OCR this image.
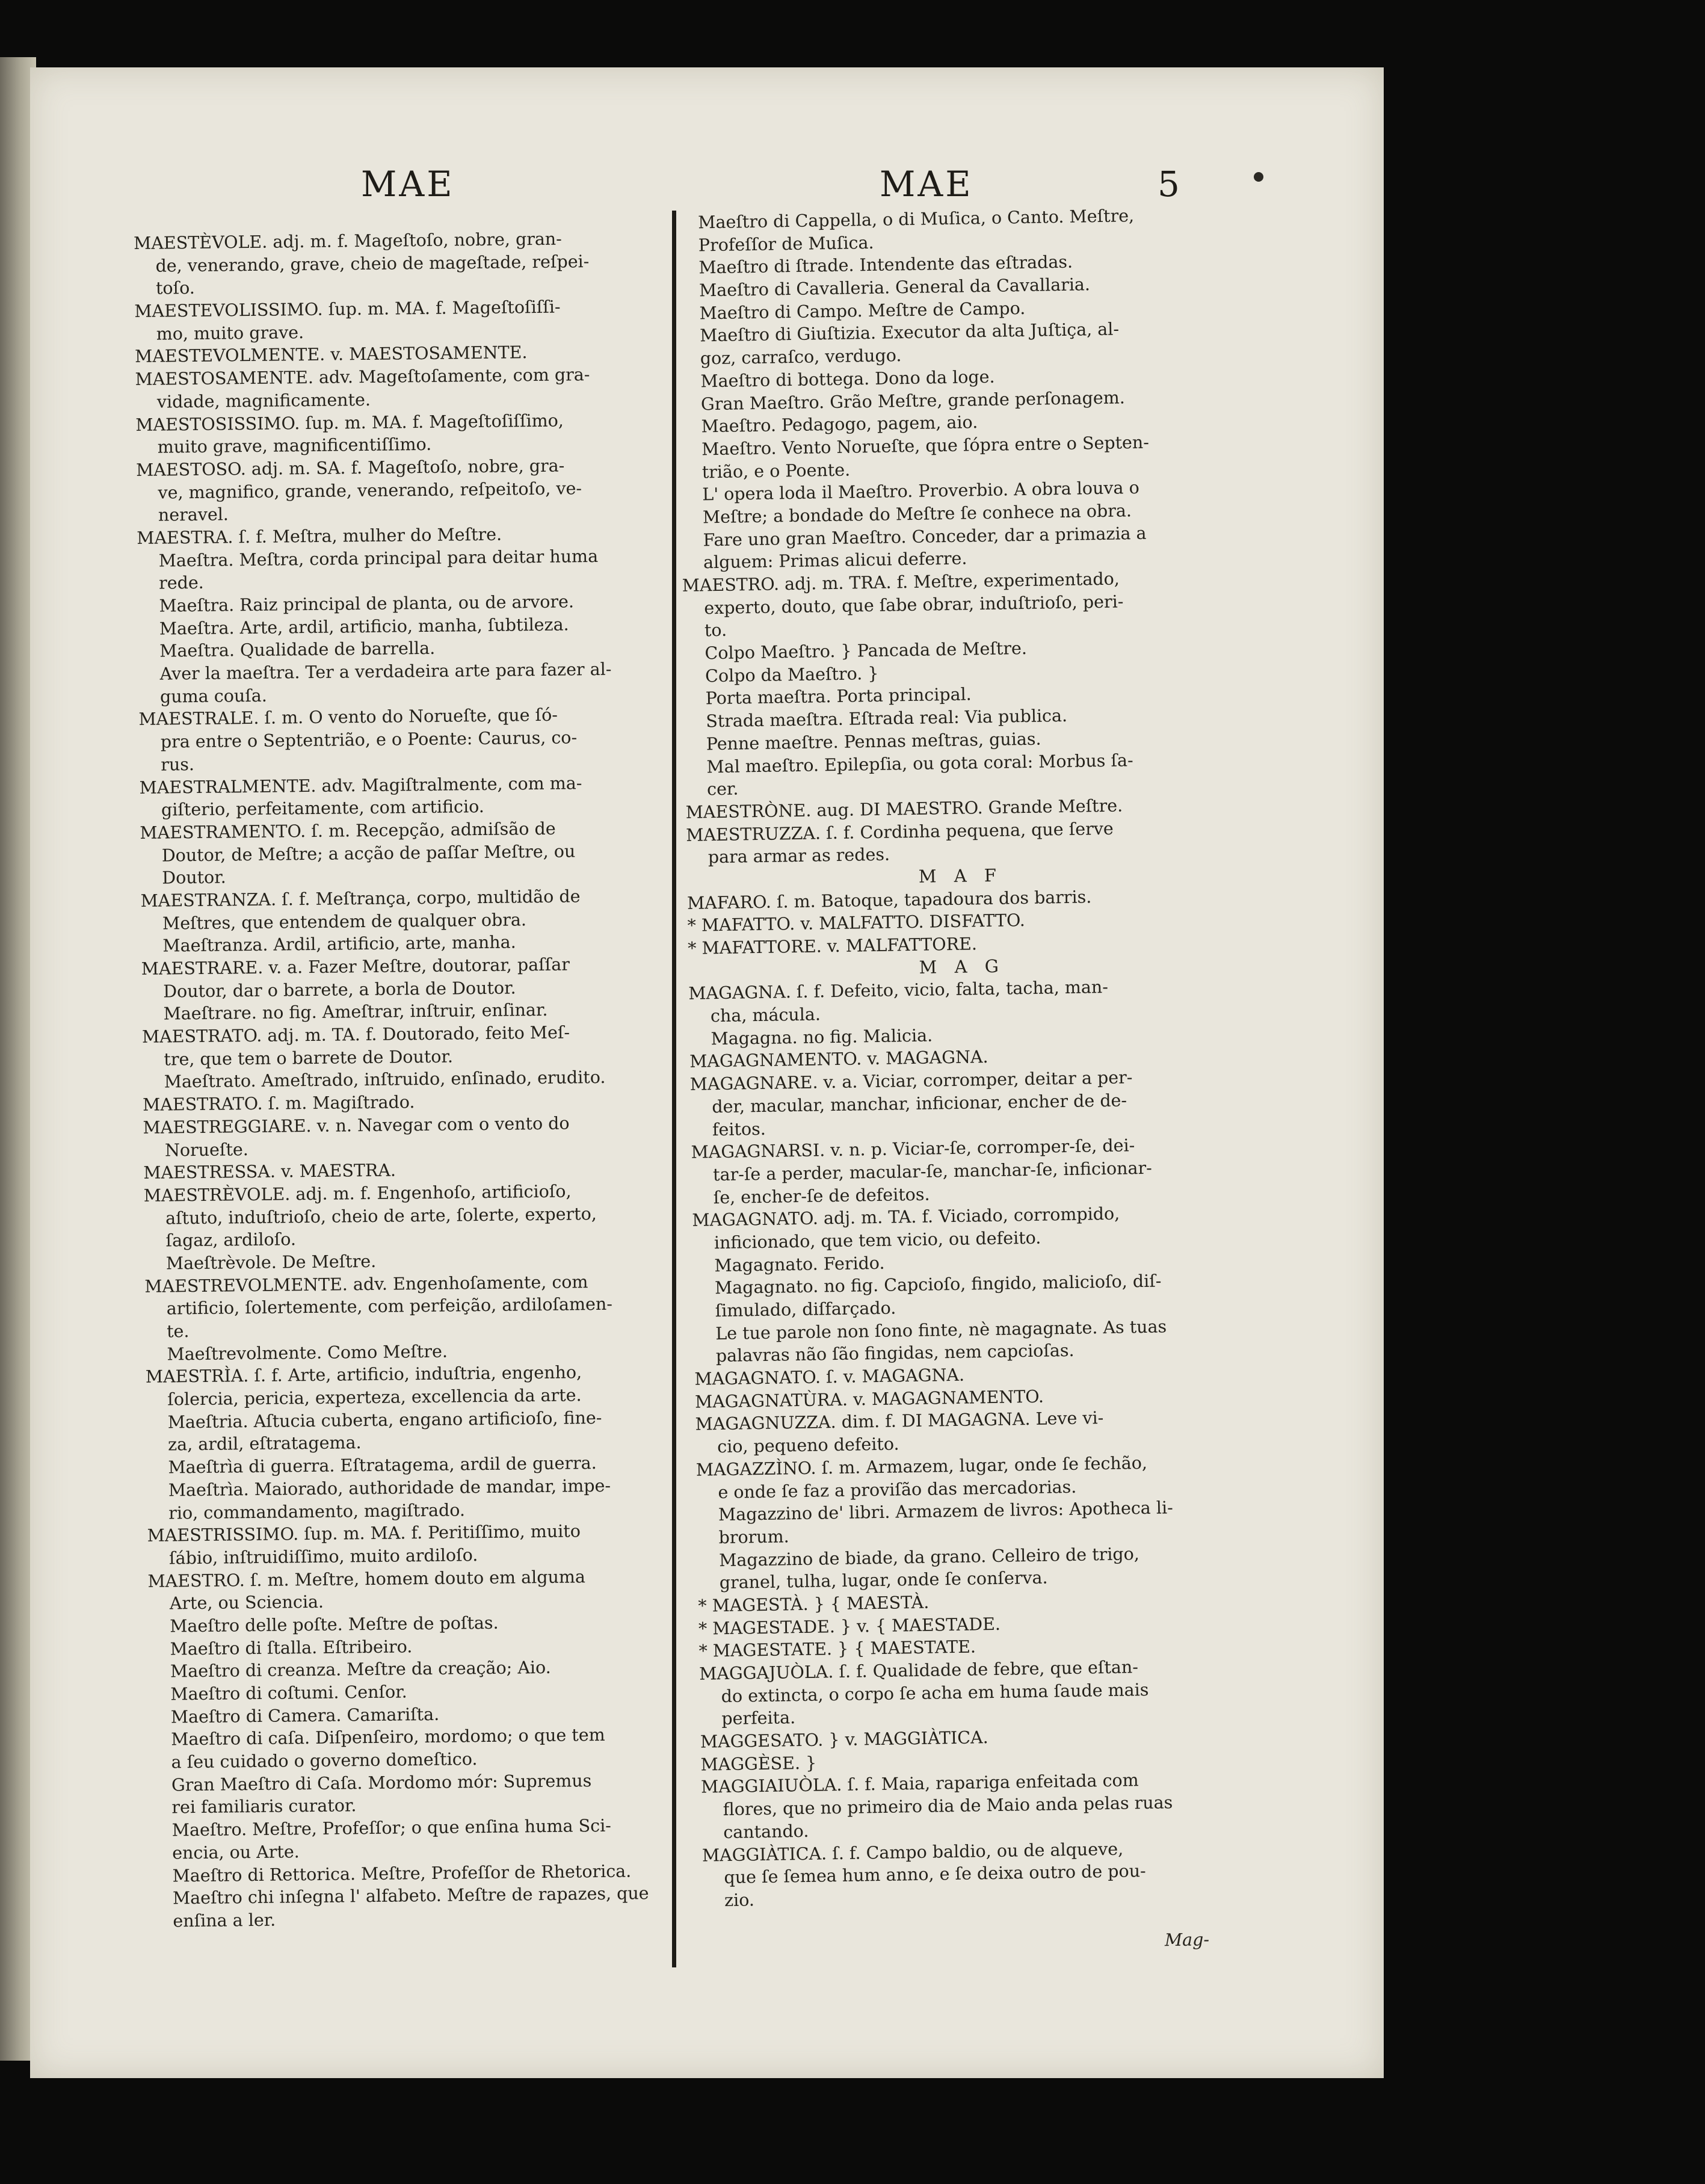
MAE	MAE	5
MAESTÈVOLE. adj. m. f. Mageſtoſo, nobre, gran-
de, venerando, grave, cheio de mageſtade, reſpei-
toſo.
MAESTEVOLISSIMO. ſup. m. MA. f. Mageſtoſiſſi-
mo, muito grave.
MAESTEVOLMENTE. v. MAESTOSAMENTE.
MAESTOSAMENTE. adv. Mageſtoſamente, com gra-
vidade, magnificamente.
MAESTOSISSIMO. ſup. m. MA. f. Mageſtoſiſſimo,
muito grave, magnificentiſſimo.
MAESTOSO. adj. m. SA. f. Mageſtoſo, nobre, gra-
ve, magnifico, grande, venerando, reſpeitoſo, ve-
neravel.
MAESTRA. ſ. f. Meſtra, mulher do Meſtre.
Maeſtra. Meſtra, corda principal para deitar huma
rede.
Maeſtra. Raiz principal de planta, ou de arvore.
Maeſtra. Arte, ardil, artificio, manha, ſubtileza.
Maeſtra. Qualidade de barrella.
Aver la maeſtra. Ter a verdadeira arte para fazer al-
guma couſa.
MAESTRALE. ſ. m. O vento do Norueſte, que ſó-
pra entre o Septentrião, e o Poente: Caurus, co-
rus.
MAESTRALMENTE. adv. Magiſtralmente, com ma-
giſterio, perfeitamente, com artificio.
MAESTRAMENTO. ſ. m. Recepção, admiſsão de
Doutor, de Meſtre; a acção de paſſar Meſtre, ou
Doutor.
MAESTRANZA. ſ. f. Meſtrança, corpo, multidão de
Meſtres, que entendem de qualquer obra.
Maeſtranza. Ardil, artificio, arte, manha.
MAESTRARE. v. a. Fazer Meſtre, doutorar, paſſar
Doutor, dar o barrete, a borla de Doutor.
Maeſtrare. no fig. Ameſtrar, inſtruir, enſinar.
MAESTRATO. adj. m. TA. f. Doutorado, feito Meſ-
tre, que tem o barrete de Doutor.
Maeſtrato. Ameſtrado, inſtruido, enſinado, erudito.
MAESTRATO. ſ. m. Magiſtrado.
MAESTREGGIARE. v. n. Navegar com o vento do
Norueſte.
MAESTRESSA. v. MAESTRA.
MAESTRÈVOLE. adj. m. f. Engenhoſo, artificioſo,
aſtuto, induſtrioſo, cheio de arte, ſolerte, experto,
ſagaz, ardiloſo.
Maeſtrèvole. De Meſtre.
MAESTREVOLMENTE. adv. Engenhoſamente, com
artificio, ſolertemente, com perfeição, ardiloſamen-
te.
Maeſtrevolmente. Como Meſtre.
MAESTRÌA. ſ. f. Arte, artificio, induſtria, engenho,
ſolercia, pericia, experteza, excellencia da arte.
Maeſtria. Aſtucia cuberta, engano artificioſo, fine-
za, ardil, eſtratagema.
Maeſtrìa di guerra. Eſtratagema, ardil de guerra.
Maeſtrìa. Maiorado, authoridade de mandar, impe-
rio, commandamento, magiſtrado.
MAESTRISSIMO. ſup. m. MA. f. Peritiſſimo, muito
ſábio, inſtruidiſſimo, muito ardiloſo.
MAESTRO. ſ. m. Meſtre, homem douto em alguma
Arte, ou Sciencia.
Maeſtro delle poſte. Meſtre de poſtas.
Maeſtro di ſtalla. Eſtribeiro.
Maeſtro di creanza. Meſtre da creação; Aio.
Maeſtro di coſtumi. Cenſor.
Maeſtro di Camera. Camariſta.
Maeſtro di caſa. Diſpenſeiro, mordomo; o que tem
a ſeu cuidado o governo domeſtico.
Gran Maeſtro di Caſa. Mordomo mór: Supremus
rei familiaris curator.
Maeſtro. Meſtre, Profeſſor; o que enſina huma Sci-
encia, ou Arte.
Maeſtro di Rettorica. Meſtre, Profeſſor de Rhetorica.
Maeſtro chi inſegna l' alfabeto. Meſtre de rapazes, que
enſina a ler.
Maeſtro di Cappella, o di Muſica, o Canto. Meſtre,
Profeſſor de Muſica.
Maeſtro di ſtrade. Intendente das eſtradas.
Maeſtro di Cavalleria. General da Cavallaria.
Maeſtro di Campo. Meſtre de Campo.
Maeſtro di Giuſtizia. Executor da alta Juſtiça, al-
goz, carraſco, verdugo.
Maeſtro di bottega. Dono da loge.
Gran Maeſtro. Grão Meſtre, grande perſonagem.
Maeſtro. Pedagogo, pagem, aio.
Maeſtro. Vento Norueſte, que ſópra entre o Septen-
trião, e o Poente.
L' opera loda il Maeſtro. Proverbio. A obra louva o
Meſtre; a bondade do Meſtre ſe conhece na obra.
Fare uno gran Maeſtro. Conceder, dar a primazia a
alguem: Primas alicui deferre.
MAESTRO. adj. m. TRA. f. Meſtre, experimentado,
experto, douto, que ſabe obrar, induſtrioſo, peri-
to.
Colpo Maeſtro. } Pancada de Meſtre.
Colpo da Maeſtro. }
Porta maeſtra. Porta principal.
Strada maeſtra. Eſtrada real: Via publica.
Penne maeſtre. Pennas meſtras, guias.
Mal maeſtro. Epilepſia, ou gota coral: Morbus ſa-
cer.
MAESTRÒNE. aug. DI MAESTRO. Grande Meſtre.
MAESTRUZZA. ſ. f. Cordinha pequena, que ſerve
para armar as redes.
M A F
MAFARO. ſ. m. Batoque, tapadoura dos barris.
* MAFATTO. v. MALFATTO. DISFATTO.
* MAFATTORE. v. MALFATTORE.
M A G
MAGAGNA. ſ. f. Defeito, vicio, falta, tacha, man-
cha, mácula.
Magagna. no fig. Malicia.
MAGAGNAMENTO. v. MAGAGNA.
MAGAGNARE. v. a. Viciar, corromper, deitar a per-
der, macular, manchar, inficionar, encher de de-
feitos.
MAGAGNARSI. v. n. p. Viciar-ſe, corromper-ſe, dei-
tar-ſe a perder, macular-ſe, manchar-ſe, inficionar-
ſe, encher-ſe de defeitos.
MAGAGNATO. adj. m. TA. f. Viciado, corrompido,
inficionado, que tem vicio, ou defeito.
Magagnato. Ferido.
Magagnato. no fig. Capcioſo, fingido, malicioſo, diſ-
ſimulado, diſfarçado.
Le tue parole non ſono finte, nè magagnate. As tuas
palavras não ſão fingidas, nem capcioſas.
MAGAGNATO. ſ. v. MAGAGNA.
MAGAGNATÙRA. v. MAGAGNAMENTO.
MAGAGNUZZA. dim. f. DI MAGAGNA. Leve vi-
cio, pequeno defeito.
MAGAZZÌNO. ſ. m. Armazem, lugar, onde ſe fechão,
e onde ſe faz a proviſão das mercadorias.
Magazzino de' libri. Armazem de livros: Apotheca li-
brorum.
Magazzino de biade, da grano. Celleiro de trigo,
granel, tulha, lugar, onde ſe conſerva.
* MAGESTÀ. } { MAESTÀ.
* MAGESTADE. } v. { MAESTADE.
* MAGESTATE. } { MAESTATE.
MAGGAJUÒLA. ſ. f. Qualidade de febre, que eſtan-
do extincta, o corpo ſe acha em huma ſaude mais
perfeita.
MAGGESATO. } v. MAGGIÀTICA.
MAGGÈSE. }
MAGGIAIUÒLA. ſ. f. Maia, rapariga enfeitada com
flores, que no primeiro dia de Maio anda pelas ruas
cantando.
MAGGIÀTICA. ſ. f. Campo baldio, ou de alqueve,
que ſe ſemea hum anno, e ſe deixa outro de pou-
zio.
Mag-
